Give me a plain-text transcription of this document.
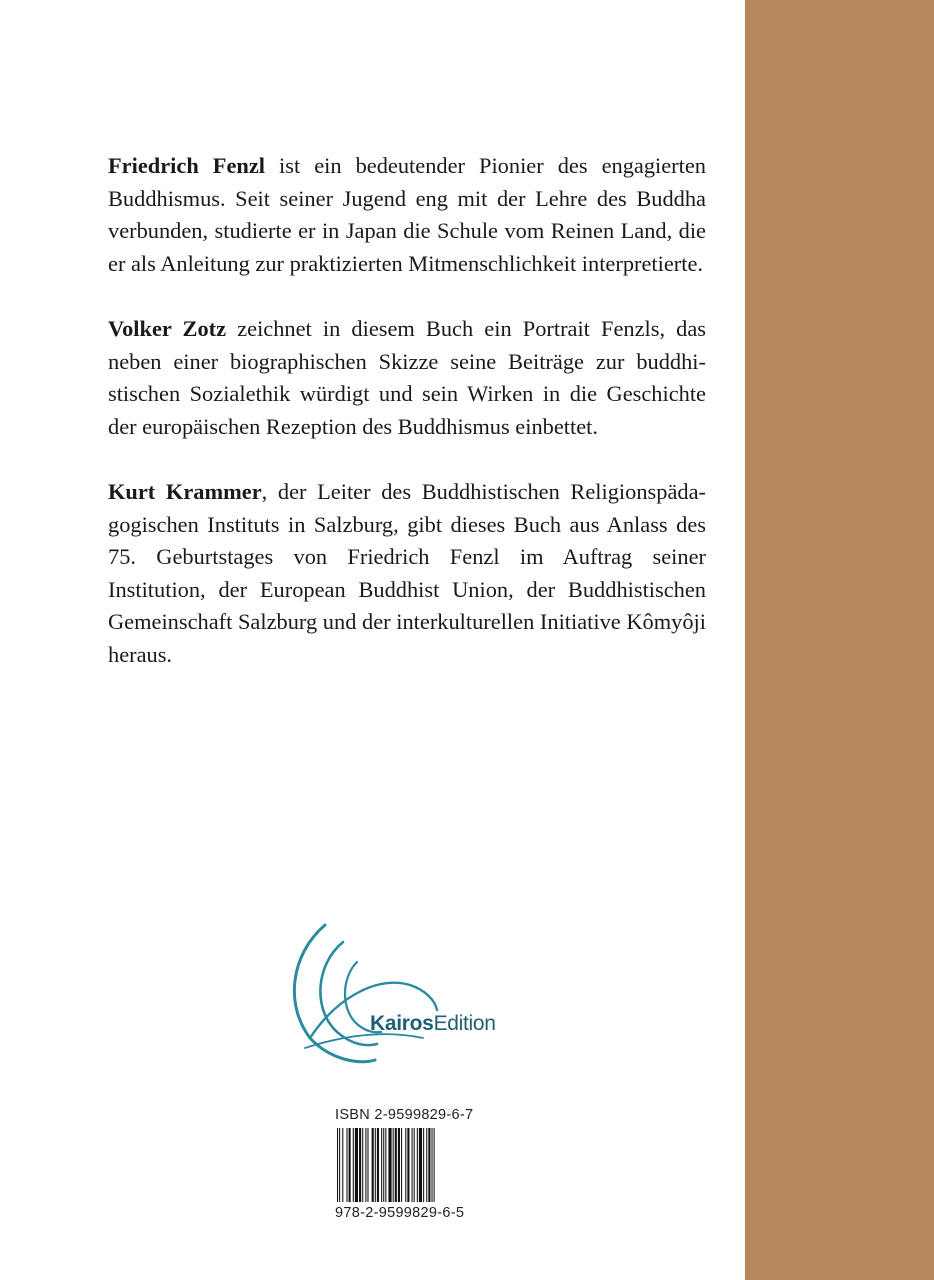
Friedrich Fenzl ist ein bedeutender Pionier des engagierten Buddhismus. Seit seiner Jugend eng mit der Lehre des Buddha verbunden, studierte er in Japan die Schule vom Reinen Land, die er als Anleitung zur praktizierten Mitmenschlichkeit interpretierte.

Volker Zotz zeichnet in diesem Buch ein Portrait Fenzls, das neben einer biographischen Skizze seine Beiträge zur buddhistischen Sozialethik würdigt und sein Wirken in die Geschichte der europäischen Rezeption des Buddhismus einbettet.

Kurt Krammer, der Leiter des Buddhistischen Religionspädagogischen Instituts in Salzburg, gibt dieses Buch aus Anlass des 75. Geburtstages von Friedrich Fenzl im Auftrag seiner Institution, der European Buddhist Union, der Buddhistischen Gemeinschaft Salzburg und der interkulturellen Initiative Kômyôji heraus.

KairosEdition
ISBN 2-9599829-6-7
978-2-9599829-6-5
